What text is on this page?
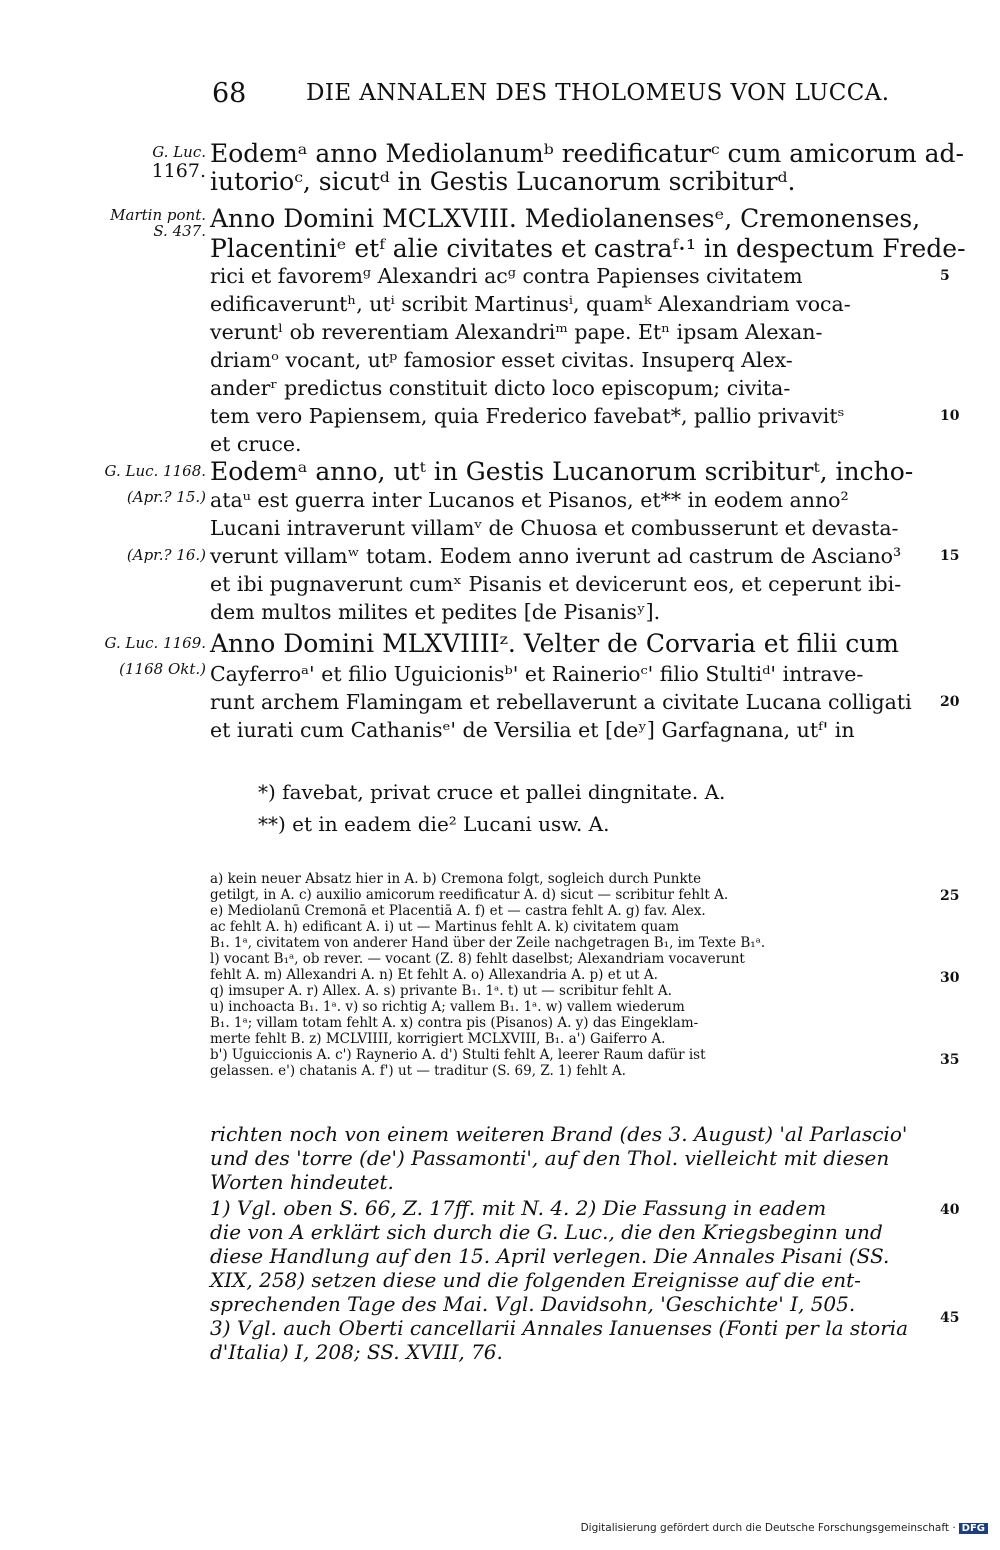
68	DIE ANNALEN DES THOLOMEUS VON LUCCA.
G. Luc.
1167.
Martin pont.
S. 437.
G. Luc. 1168.
(Apr.? 15.)
(Apr.? 16.)
G. Luc. 1169.
(1168 Okt.)
Eodemᵃ anno Mediolanumᵇ reedificaturᶜ cum amicorum ad-
iutorioᶜ, sicutᵈ in Gestis Lucanorum scribiturᵈ.
Anno Domini MCLXVIII. Mediolanensesᵉ, Cremonenses,
Placentiniᵉ etᶠ alie civitates et castraᶠ·¹ in despectum Frede-
rici et favoremᵍ Alexandri acᵍ contra Papienses civitatem
edificaveruntʰ, utⁱ scribit Martinusⁱ, quamᵏ Alexandriam voca-
veruntˡ ob reverentiam Alexandriᵐ pape. Etⁿ ipsam Alexan-
driamᵒ vocant, utᵖ famosior esset civitas. Insuperq Alex-
anderʳ predictus constituit dicto loco episcopum; civita-
tem vero Papiensem, quia Frederico favebat*, pallio privavitˢ
et cruce.
Eodemᵃ anno, utᵗ in Gestis Lucanorum scribiturᵗ, incho-
ataᵘ est guerra inter Lucanos et Pisanos, et** in eodem anno²
Lucani intraverunt villamᵛ de Chuosa et combusserunt et devasta-
verunt villamʷ totam. Eodem anno iverunt ad castrum de Asciano³
et ibi pugnaverunt cumˣ Pisanis et devicerunt eos, et ceperunt ibi-
dem multos milites et pedites [de Pisanisʸ].
Anno Domini MLXVIIIIᶻ. Velter de Corvaria et filii cum
Cayferroᵃ' et filio Uguicionisᵇ' et Rainerioᶜ' filio Stultiᵈ' intrave-
runt archem Flamingam et rebellaverunt a civitate Lucana colligati
et iurati cum Cathanisᵉ' de Versilia et [deʸ] Garfagnana, utᶠ' in
5
10
15
20
25
30
35
40
45
*) favebat, privat cruce et pallei dingnitate. A.
**) et in eadem die² Lucani usw. A.
a) kein neuer Absatz hier in A. b) Cremona folgt, sogleich durch Punkte
getilgt, in A. c) auxilio amicorum reedificatur A. d) sicut — scribitur fehlt A.
e) Mediolanū Cremonā et Placentiā A. f) et — castra fehlt A. g) fav. Alex.
ac fehlt A. h) edificant A. i) ut — Martinus fehlt A. k) civitatem quam
B₁. 1ᵃ, civitatem von anderer Hand über der Zeile nachgetragen B₁, im Texte B₁ᵃ.
l) vocant B₁ᵃ, ob rever. — vocant (Z. 8) fehlt daselbst; Alexandriam vocaverunt
fehlt A. m) Allexandri A. n) Et fehlt A. o) Allexandria A. p) et ut A.
q) imsuper A. r) Allex. A. s) privante B₁. 1ᵃ. t) ut — scribitur fehlt A.
u) inchoacta B₁. 1ᵃ. v) so richtig A; vallem B₁. 1ᵃ. w) vallem wiederum
B₁. 1ᵃ; villam totam fehlt A. x) contra pis (Pisanos) A. y) das Eingeklam-
merte fehlt B. z) MCLVIIII, korrigiert MCLXVIII, B₁. a') Gaiferro A.
b') Uguiccionis A. c') Raynerio A. d') Stulti fehlt A, leerer Raum dafür ist
gelassen. e') chatanis A. f') ut — traditur (S. 69, Z. 1) fehlt A.
richten noch von einem weiteren Brand (des 3. August) 'al Parlascio'
und des 'torre (de') Passamonti', auf den Thol. vielleicht mit diesen
Worten hindeutet.
1) Vgl. oben S. 66, Z. 17ff. mit N. 4. 2) Die Fassung in eadem
die von A erklärt sich durch die G. Luc., die den Kriegsbeginn und
diese Handlung auf den 15. April verlegen. Die Annales Pisani (SS.
XIX, 258) setzen diese und die folgenden Ereignisse auf die ent-
sprechenden Tage des Mai. Vgl. Davidsohn, 'Geschichte' I, 505.
3) Vgl. auch Oberti cancellarii Annales Ianuenses (Fonti per la storia
d'Italia) I, 208; SS. XVIII, 76.
Digitalisierung gefördert durch die Deutsche Forschungsgemeinschaft · DFG
